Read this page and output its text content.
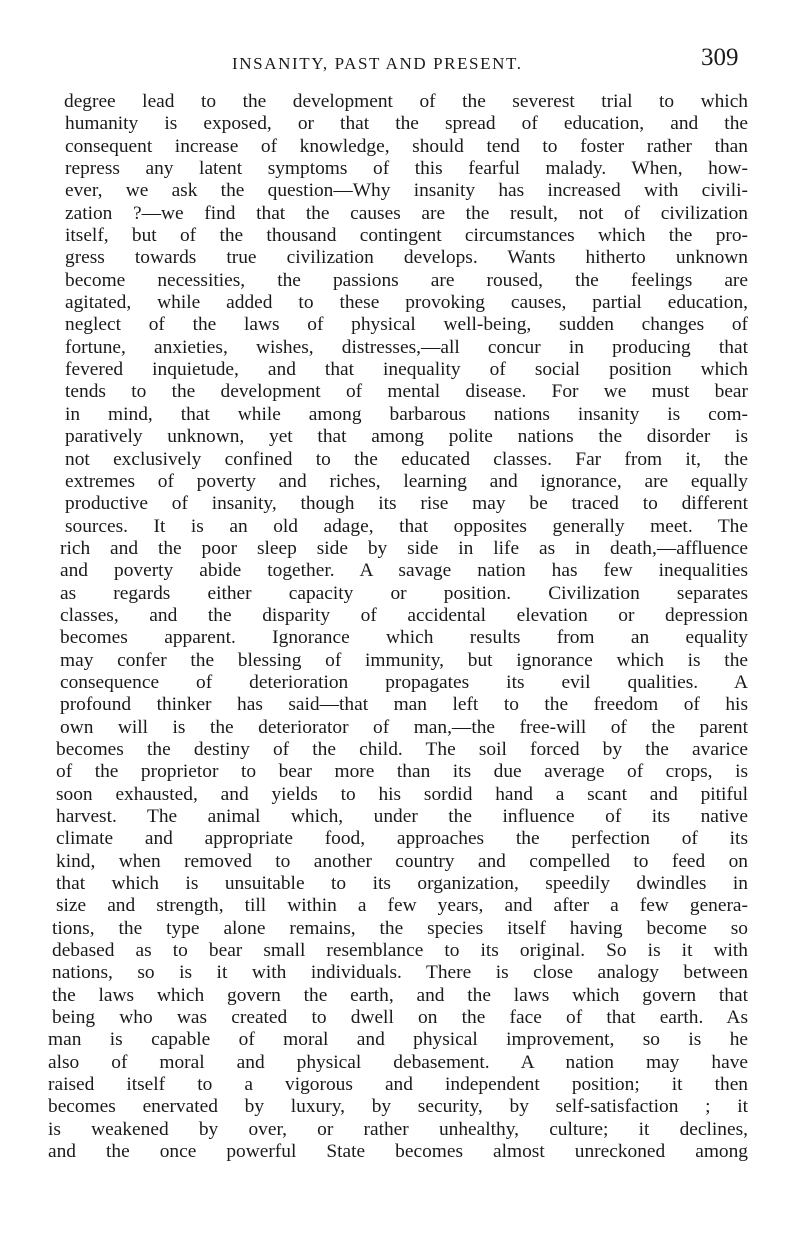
INSANITY, PAST AND PRESENT.	309
degree lead to the development of the severest trial to which
humanity is exposed, or that the spread of education, and the
consequent increase of knowledge, should tend to foster rather than
repress any latent symptoms of this fearful malady. When, how-
ever, we ask the question—Why insanity has increased with civili-
zation ?—we find that the causes are the result, not of civilization
itself, but of the thousand contingent circumstances which the pro-
gress towards true civilization develops. Wants hitherto unknown
become necessities, the passions are roused, the feelings are
agitated, while added to these provoking causes, partial education,
neglect of the laws of physical well-being, sudden changes of
fortune, anxieties, wishes, distresses,—all concur in producing that
fevered inquietude, and that inequality of social position which
tends to the development of mental disease. For we must bear
in mind, that while among barbarous nations insanity is com-
paratively unknown, yet that among polite nations the disorder is
not exclusively confined to the educated classes. Far from it, the
extremes of poverty and riches, learning and ignorance, are equally
productive of insanity, though its rise may be traced to different
sources. It is an old adage, that opposites generally meet. The
rich and the poor sleep side by side in life as in death,—affluence
and poverty abide together. A savage nation has few inequalities
as regards either capacity or position. Civilization separates
classes, and the disparity of accidental elevation or depression
becomes apparent. Ignorance which results from an equality
may confer the blessing of immunity, but ignorance which is the
consequence of deterioration propagates its evil qualities. A
profound thinker has said—that man left to the freedom of his
own will is the deteriorator of man,—the free-will of the parent
becomes the destiny of the child. The soil forced by the avarice
of the proprietor to bear more than its due average of crops, is
soon exhausted, and yields to his sordid hand a scant and pitiful
harvest. The animal which, under the influence of its native
climate and appropriate food, approaches the perfection of its
kind, when removed to another country and compelled to feed on
that which is unsuitable to its organization, speedily dwindles in
size and strength, till within a few years, and after a few genera-
tions, the type alone remains, the species itself having become so
debased as to bear small resemblance to its original. So is it with
nations, so is it with individuals. There is close analogy between
the laws which govern the earth, and the laws which govern that
being who was created to dwell on the face of that earth. As
man is capable of moral and physical improvement, so is he
also of moral and physical debasement. A nation may have
raised itself to a vigorous and independent position; it then
becomes enervated by luxury, by security, by self-satisfaction ; it
is weakened by over, or rather unhealthy, culture; it declines,
and the once powerful State becomes almost unreckoned among
